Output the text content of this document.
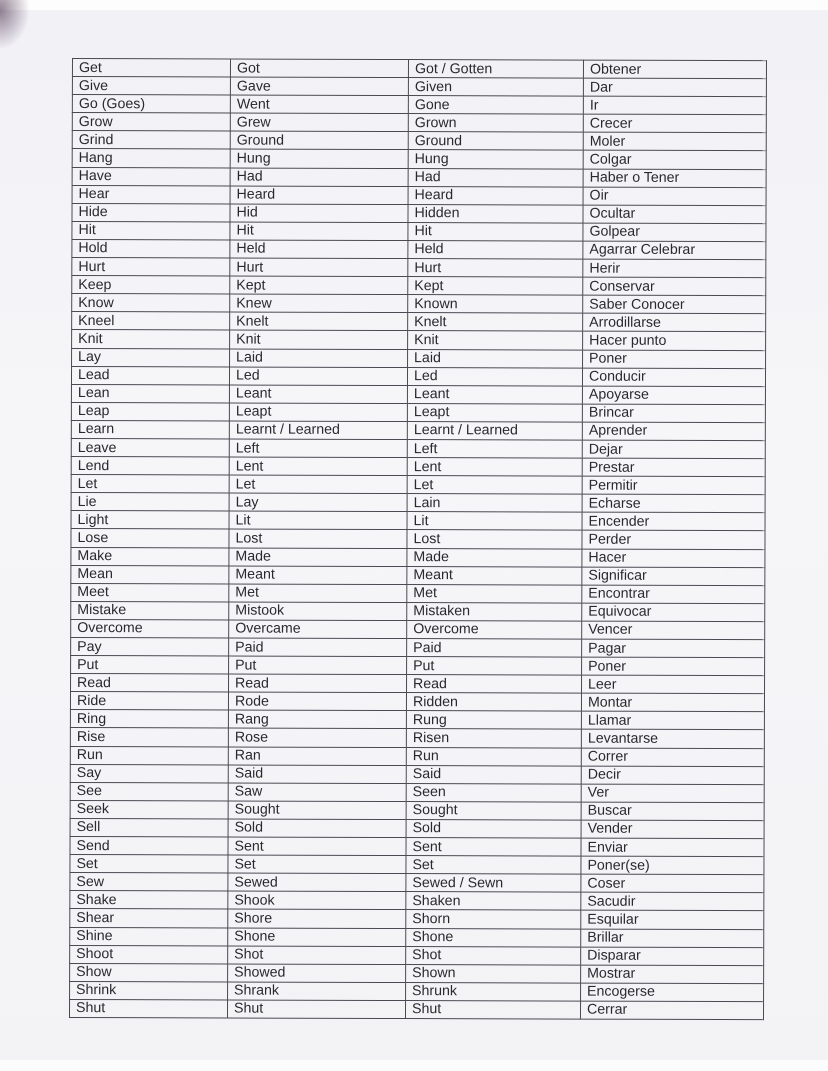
Get	Got	Got / Gotten	Obtener
Give	Gave	Given	Dar
Go (Goes)	Went	Gone	Ir
Grow	Grew	Grown	Crecer
Grind	Ground	Ground	Moler
Hang	Hung	Hung	Colgar
Have	Had	Had	Haber o Tener
Hear	Heard	Heard	Oir
Hide	Hid	Hidden	Ocultar
Hit	Hit	Hit	Golpear
Hold	Held	Held	Agarrar Celebrar
Hurt	Hurt	Hurt	Herir
Keep	Kept	Kept	Conservar
Know	Knew	Known	Saber Conocer
Kneel	Knelt	Knelt	Arrodillarse
Knit	Knit	Knit	Hacer punto
Lay	Laid	Laid	Poner
Lead	Led	Led	Conducir
Lean	Leant	Leant	Apoyarse
Leap	Leapt	Leapt	Brincar
Learn	Learnt / Learned	Learnt / Learned	Aprender
Leave	Left	Left	Dejar
Lend	Lent	Lent	Prestar
Let	Let	Let	Permitir
Lie	Lay	Lain	Echarse
Light	Lit	Lit	Encender
Lose	Lost	Lost	Perder
Make	Made	Made	Hacer
Mean	Meant	Meant	Significar
Meet	Met	Met	Encontrar
Mistake	Mistook	Mistaken	Equivocar
Overcome	Overcame	Overcome	Vencer
Pay	Paid	Paid	Pagar
Put	Put	Put	Poner
Read	Read	Read	Leer
Ride	Rode	Ridden	Montar
Ring	Rang	Rung	Llamar
Rise	Rose	Risen	Levantarse
Run	Ran	Run	Correr
Say	Said	Said	Decir
See	Saw	Seen	Ver
Seek	Sought	Sought	Buscar
Sell	Sold	Sold	Vender
Send	Sent	Sent	Enviar
Set	Set	Set	Poner(se)
Sew	Sewed	Sewed / Sewn	Coser
Shake	Shook	Shaken	Sacudir
Shear	Shore	Shorn	Esquilar
Shine	Shone	Shone	Brillar
Shoot	Shot	Shot	Disparar
Show	Showed	Shown	Mostrar
Shrink	Shrank	Shrunk	Encogerse
Shut	Shut	Shut	Cerrar
